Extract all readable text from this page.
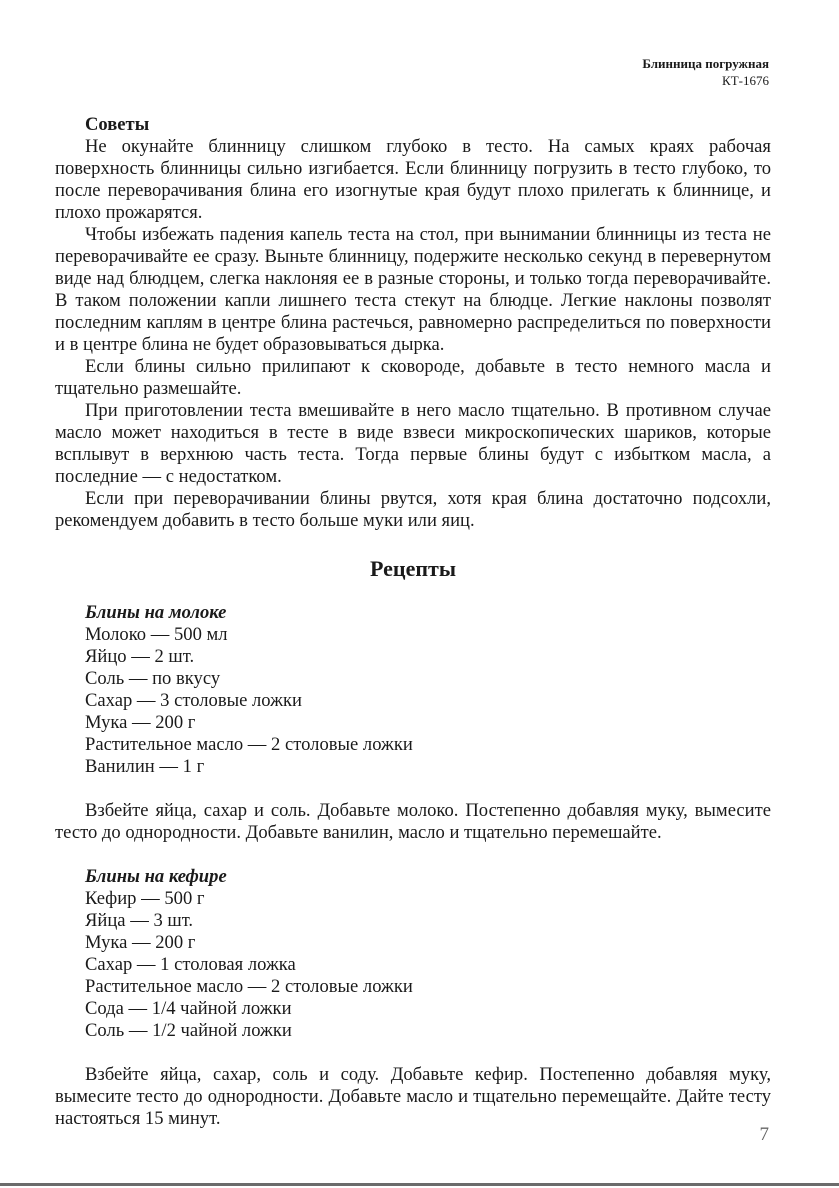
Блинница погружная
КТ-1676
Советы

Не окунайте блинницу слишком глубоко в тесто. На самых краях рабочая поверхность блинницы сильно изгибается. Если блинницу погрузить в тесто глубоко, то после переворачивания блина его изогнутые края будут плохо прилегать к блиннице, и плохо прожарятся.

Чтобы избежать падения капель теста на стол, при вынимании блинницы из теста не переворачивайте ее сразу. Выньте блинницу, подержите несколько секунд в перевернутом виде над блюдцем, слегка наклоняя ее в разные стороны, и только тогда переворачивайте. В таком положении капли лишнего теста стекут на блюдце. Легкие наклоны позволят последним каплям в центре блина растечься, равномерно распределиться по поверхности и в центре блина не будет образовываться дырка.

Если блины сильно прилипают к сковороде, добавьте в тесто немного масла и тщательно размешайте.

При приготовлении теста вмешивайте в него масло тщательно. В противном случае масло может находиться в тесте в виде взвеси микроскопических шариков, которые всплывут в верхнюю часть теста. Тогда первые блины будут с избытком масла, а последние — с недостатком.

Если при переворачивании блины рвутся, хотя края блина достаточно подсохли, рекомендуем добавить в тесто больше муки или яиц.

Рецепты
Блины на молоке
Молоко — 500 мл
Яйцо — 2 шт.
Соль — по вкусу
Сахар — 3 столовые ложки
Мука — 200 г
Растительное масло — 2 столовые ложки
Ванилин — 1 г

Взбейте яйца, сахар и соль. Добавьте молоко. Постепенно добавляя муку, вымесите тесто до однородности. Добавьте ванилин, масло и тщательно перемешайте.

Блины на кефире
Кефир — 500 г
Яйца — 3 шт.
Мука — 200 г
Сахар — 1 столовая ложка
Растительное масло — 2 столовые ложки
Сода — 1/4 чайной ложки
Соль — 1/2 чайной ложки

Взбейте яйца, сахар, соль и соду. Добавьте кефир. Постепенно добавляя муку, вымесите тесто до однородности. Добавьте масло и тщательно перемещайте. Дайте тесту настояться 15 минут.

7
